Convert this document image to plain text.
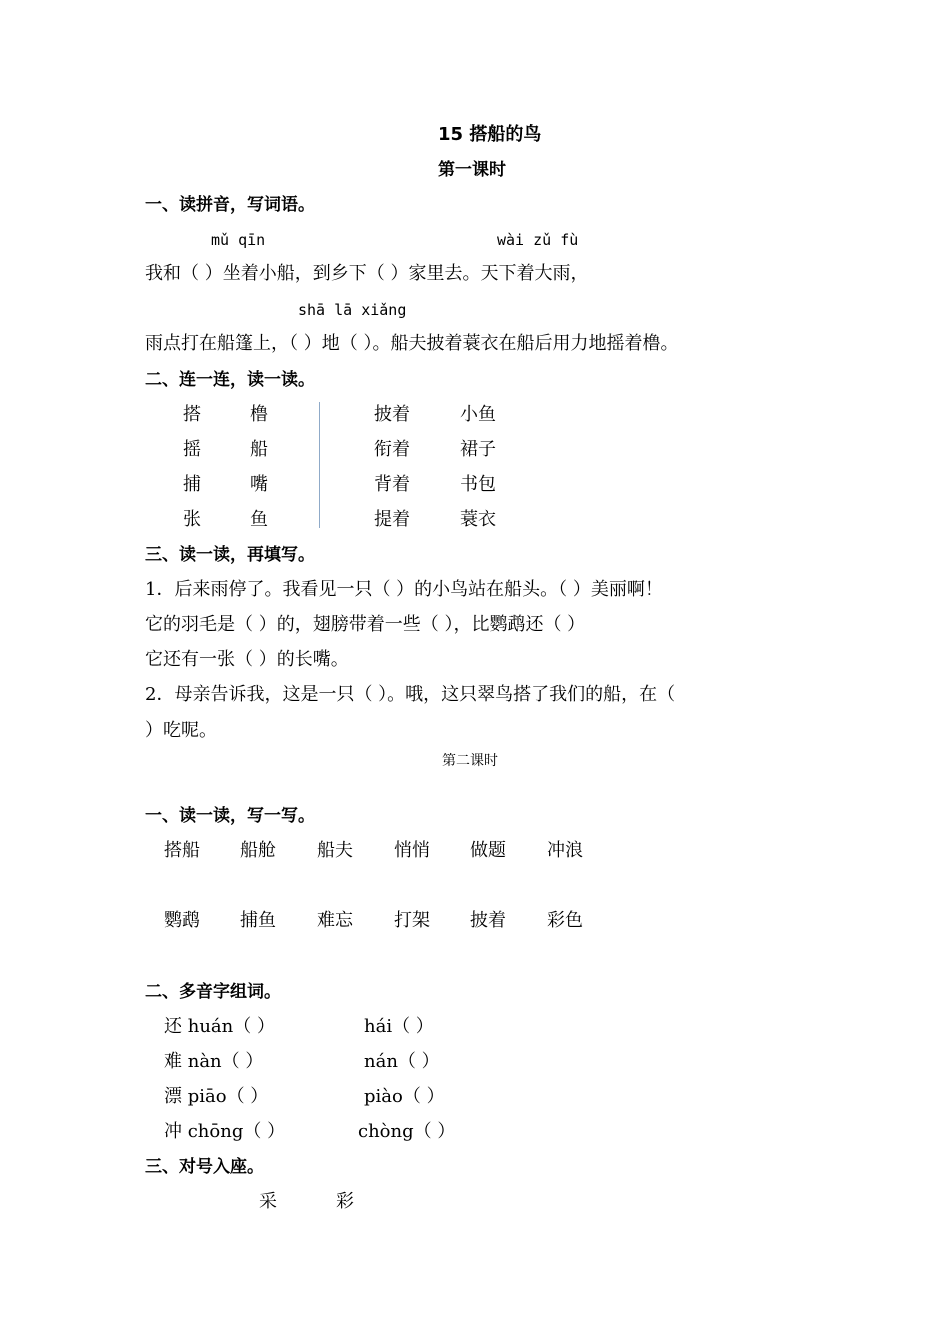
15 搭船的鸟
第一课时
一、读拼音，写词语。
mǔ qīn	wài zǔ fù
我和（ ）坐着小船，到乡下（ ）家里去。天下着大雨，
shā lā xiǎng
雨点打在船篷上，（ ）地（ ）。船夫披着蓑衣在船后用力地摇着橹。
二、连一连，读一读。
搭
摇
捕
张
橹
船
嘴
鱼
披着
衔着
背着
提着
小鱼
裙子
书包
蓑衣
三、读一读，再填写。
1．后来雨停了。我看见一只（ ）的小鸟站在船头。（ ）美丽啊！
它的羽毛是（ ）的，翅膀带着一些（ ），比鹦鹉还（ ）
它还有一张（ ）的长嘴。
2．母亲告诉我，这是一只（ ）。哦，这只翠鸟搭了我们的船，在（
）吃呢。
第二课时
一、读一读，写一写。
搭船 船舱 船夫 悄悄 做题 冲浪
鹦鹉 捕鱼 难忘 打架 披着 彩色
二、多音字组词。
还 huán（ ）
难 nàn（ ）
漂 piāo（ ）
冲 chōng（ ）
hái（ ）
nán（ ）
piào（ ）
chòng（ ）
三、对号入座。
采	彩
